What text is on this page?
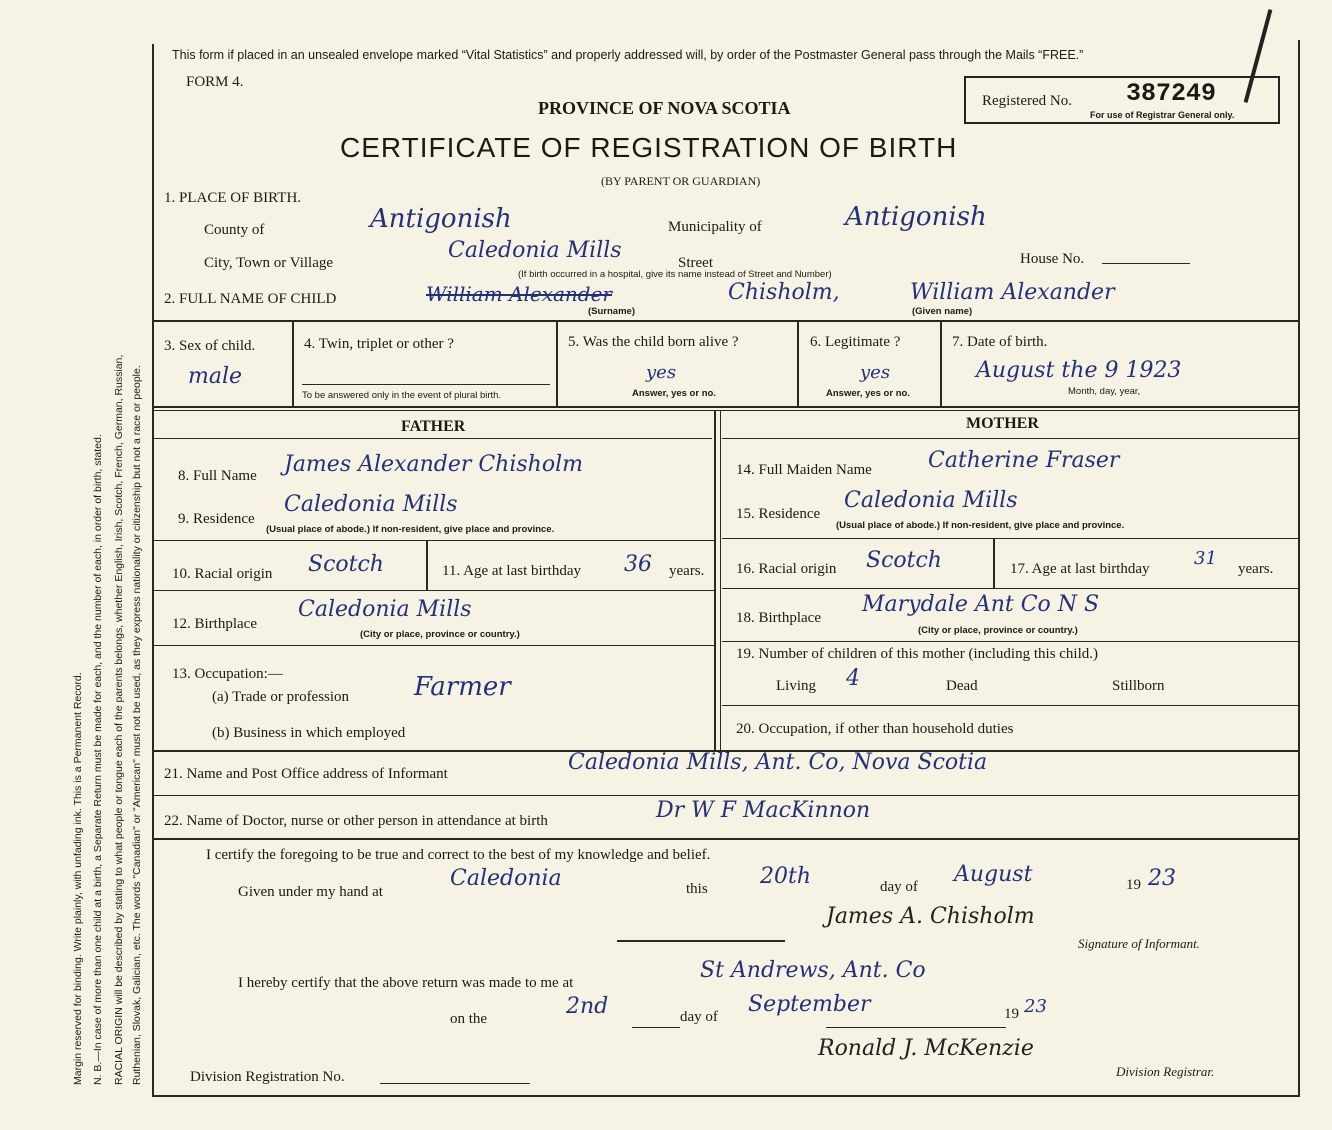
Margin reserved for binding. Write plainly, with unfading ink. This is a Permanent Record. N. B.—In case of more than one child at a birth, a Separate Return must be made for each, and the number of each, in order of birth, stated. RACIAL ORIGIN will be described by stating to what people or tongue each of the parents belongs, whether English, Irish, Scotch, French, German, Russian, Ruthenian, Slovak, Galician, etc. The words "Canadian" or "American" must not be used, as they express nationality or citizenship but not a race or people.
This form if placed in an unsealed envelope marked “Vital Statistics” and properly addressed will, by order of the Postmaster General pass through the Mails “FREE.”
FORM 4.
PROVINCE OF NOVA SCOTIA
CERTIFICATE OF REGISTRATION OF BIRTH
(BY PARENT OR GUARDIAN)
Registered No. 387249
For use of Registrar General only.
1. PLACE OF BIRTH.
County of	Antigonish	Municipality of	Antigonish
City, Town or Village	Caledonia Mills	Street	House No.
(If birth occurred in a hospital, give its name instead of Street and Number)
2. FULL NAME OF CHILD	William Alexander	Chisholm,	William Alexander
(Surname)	(Given name)
3. Sex of child.
male
4. Twin, triplet or other ?
To be answered only in the event of plural birth.
5. Was the child born alive ?
yes
Answer, yes or no.
6. Legitimate ?
yes
Answer, yes or no.
7. Date of birth.
August the 9 1923
Month, day, year,
FATHER	MOTHER
8. Full Name James Alexander Chisholm
9. Residence
Caledonia Mills
(Usual place of abode.) If non-resident, give place and province.
10. Racial origin Scotch	11. Age at last birthday 36 years.
12. Birthplace
Caledonia Mills
(City or place, province or country.)
13. Occupation:—
(a) Trade or profession Farmer
(b) Business in which employed
14. Full Maiden Name	Catherine Fraser
15. Residence
Caledonia Mills
(Usual place of abode.) If non-resident, give place and province.
16. Racial origin Scotch	17. Age at last birthday 31 years.
18. Birthplace
Marydale Ant Co N S
(City or place, province or country.)
19. Number of children of this mother (including this child.)
Living 4	Dead	Stillborn
20. Occupation, if other than household duties
21. Name and Post Office address of Informant	Caledonia Mills, Ant. Co, Nova Scotia
22. Name of Doctor, nurse or other person in attendance at birth	Dr W F MacKinnon
I certify the foregoing to be true and correct to the best of my knowledge and belief.
Given under my hand at
Caledonia	this 20th	day of August	19 23
James A. Chisholm
Signature of Informant.
I hereby certify that the above return was made to me at	St Andrews, Ant. Co
on the	2nd	day of September	19 23
Ronald J. McKenzie
Division Registrar.
Division Registration No.
